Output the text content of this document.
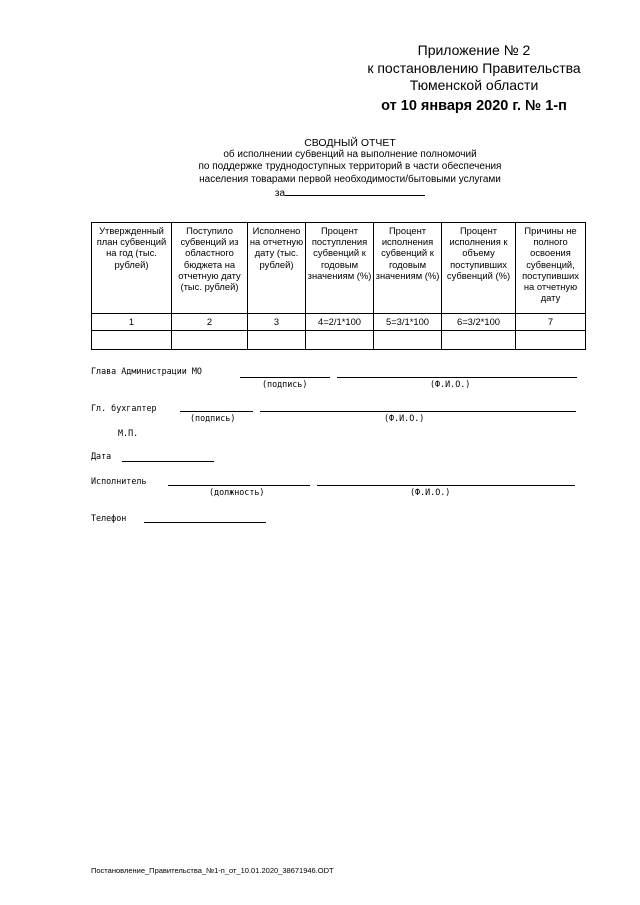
Приложение № 2
к постановлению Правительства
Тюменской области
от 10 января 2020 г. № 1-п
СВОДНЫЙ ОТЧЕТ
об исполнении субвенций на выполнение полномочий
по поддержке труднодоступных территорий в части обеспечения
населения товарами первой необходимости/бытовыми услугами
за
Утвержденный план субвенций на год (тыс. рублей)	Поступило субвенций из областного бюджета на отчетную дату (тыс. рублей)	Исполнено на отчетную дату (тыс. рублей)	Процент поступления субвенций к годовым значениям (%)	Процент исполнения субвенций к годовым значениям (%)	Процент исполнения к объему поступивших субвенций (%)	Причины не полного освоения субвенций, поступивших на отчетную дату
1	2	3	4=2/1*100	5=3/1*100	6=3/2*100	7

Глава Администрации МО
(подпись)	(Ф.И.О.)
Гл. бухгалтер
(подпись)	(Ф.И.О.)
М.П.
Дата
Исполнитель
(должность)	(Ф.И.О.)
Телефон
Постановление_Правительства_№1-п_от_10.01.2020_38671946.ODT
